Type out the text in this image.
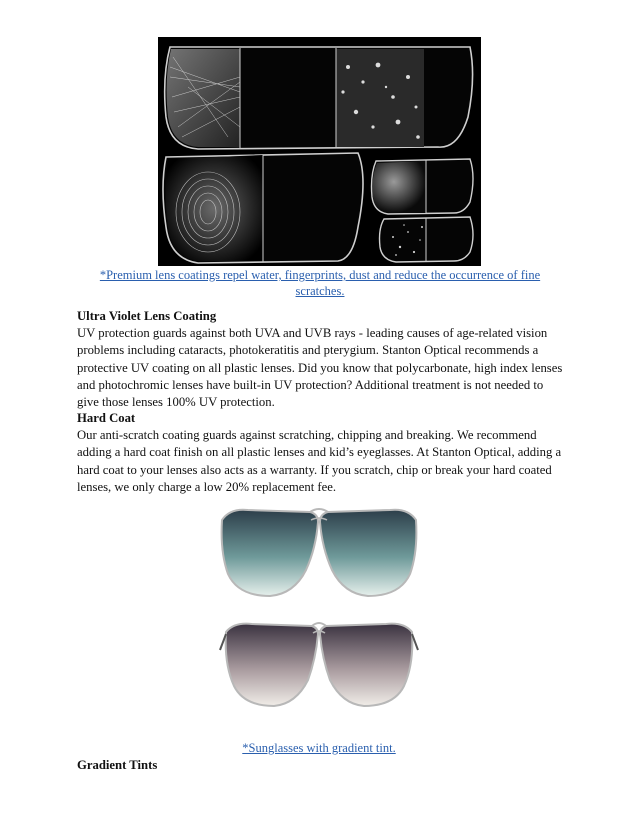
*Premium lens coatings repel water, fingerprints, dust and reduce the occurrence of fine scratches.
Ultra Violet Lens Coating

UV protection guards against both UVA and UVB rays - leading causes of age-related vision problems including cataracts, photokeratitis and pterygium. Stanton Optical recommends a protective UV coating on all plastic lenses. Did you know that polycarbonate, high index lenses and photochromic lenses have built-in UV protection? Additional treatment is not needed to give those lenses 100% UV protection.

Hard Coat

Our anti-scratch coating guards against scratching, chipping and breaking. We recommend adding a hard coat finish on all plastic lenses and kid’s eyeglasses. At Stanton Optical, adding a hard coat to your lenses also acts as a warranty. If you scratch, chip or break your hard coated lenses, we only charge a low 20% replacement fee.

*Sunglasses with gradient tint.
Gradient Tints
